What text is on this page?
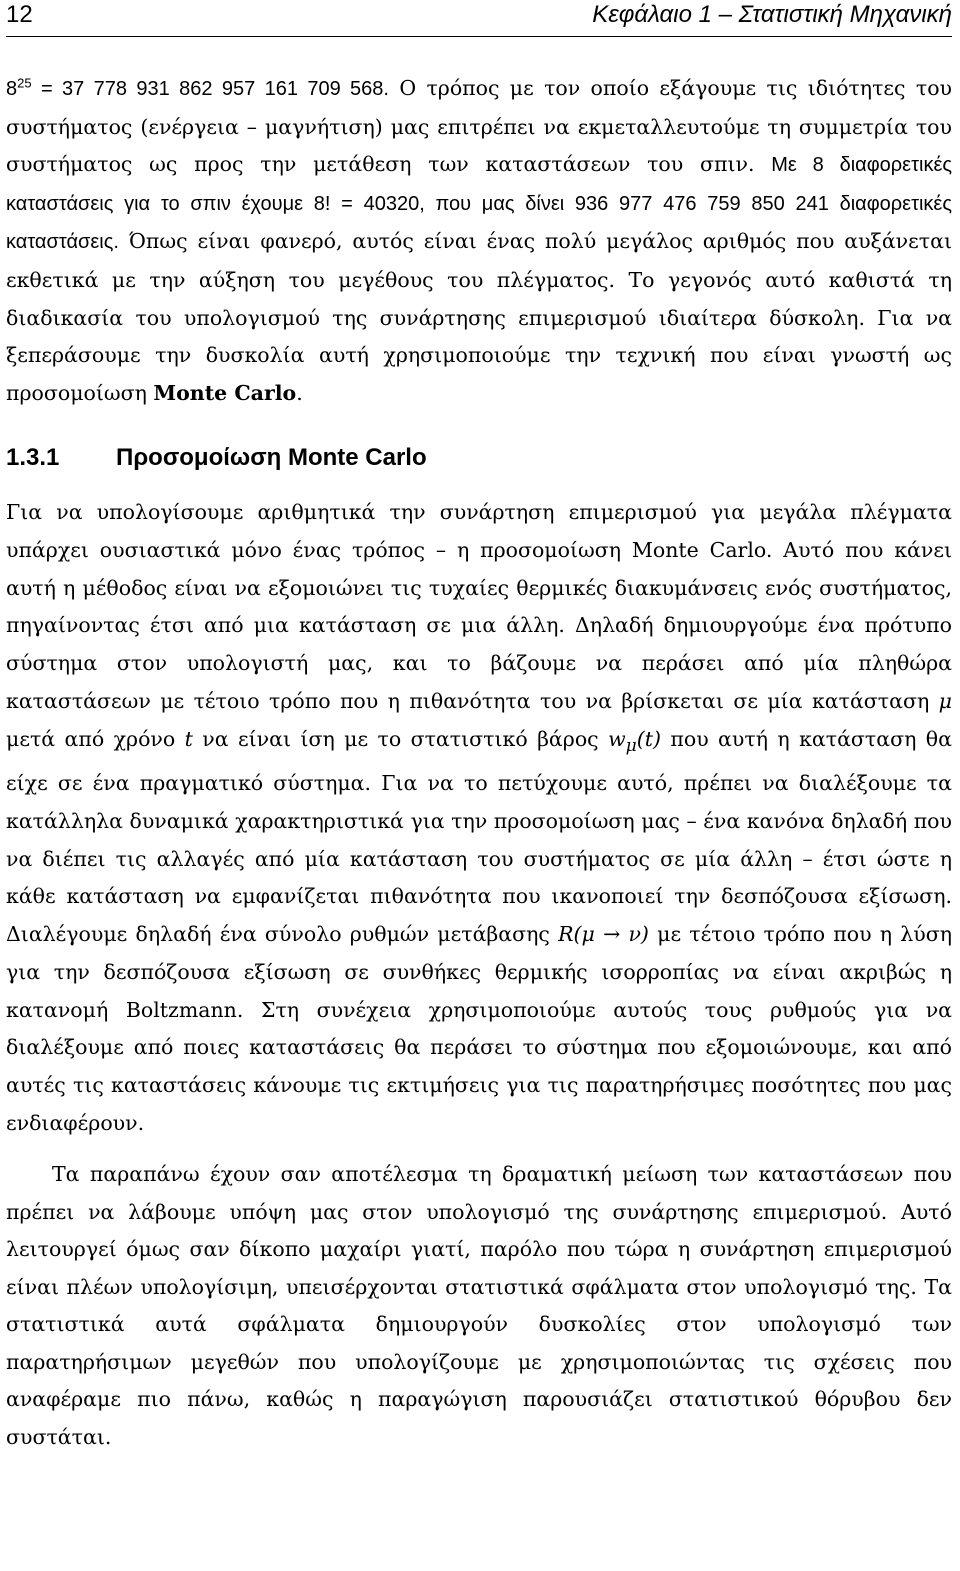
12	Κεφάλαιο 1 – Στατιστική Μηχανική

$8^{25} = 37$ 778 931 862 957 161 709 568. Ο τρόπος με τον οποίο εξάγουμε τις ιδιότητες του συστήματος (ενέργεια – μαγνήτιση) μας επιτρέπει να εκμεταλλευτούμε τη συμμετρία του συστήματος ως προς την μετάθεση των καταστάσεων του σπιν. Με 8 διαφορετικές καταστάσεις για το σπιν έχουμε 8! = 40320, που μας δίνει 936 977 476 759 850 241 διαφορετικές καταστάσεις. Όπως είναι φανερό, αυτός είναι ένας πολύ μεγάλος αριθμός που αυξάνεται εκθετικά με την αύξηση του μεγέθους του πλέγματος. Το γεγονός αυτό καθιστά τη διαδικασία του υπολογισμού της συνάρτησης επιμερισμού ιδιαίτερα δύσκολη. Για να ξεπεράσουμε την δυσκολία αυτή χρησιμοποιούμε την τεχνική που είναι γνωστή ως προσομοίωση Monte Carlo.

1.3.1	Προσομοίωση Monte Carlo

Για να υπολογίσουμε αριθμητικά την συνάρτηση επιμερισμού για μεγάλα πλέγματα υπάρχει ουσιαστικά μόνο ένας τρόπος – η προσομοίωση Monte Carlo. Αυτό που κάνει αυτή η μέθοδος είναι να εξομοιώνει τις τυχαίες θερμικές διακυμάνσεις ενός συστήματος, πηγαίνοντας έτσι από μια κατάσταση σε μια άλλη. Δηλαδή δημιουργούμε ένα πρότυπο σύστημα στον υπολογιστή μας, και το βάζουμε να περάσει από μία πληθώρα καταστάσεων με τέτοιο τρόπο που η πιθανότητα του να βρίσκεται σε μία κατάσταση μ μετά από χρόνο t να είναι ίση με το στατιστικό βάρος $w_\mu(t)$ που αυτή η κατάσταση θα είχε σε ένα πραγματικό σύστημα. Για να το πετύχουμε αυτό, πρέπει να διαλέξουμε τα κατάλληλα δυναμικά χαρακτηριστικά για την προσομοίωση μας – ένα κανόνα δηλαδή που να διέπει τις αλλαγές από μία κατάσταση του συστήματος σε μία άλλη – έτσι ώστε η κάθε κατάσταση να εμφανίζεται πιθανότητα που ικανοποιεί την δεσπόζουσα εξίσωση. Διαλέγουμε δηλαδή ένα σύνολο ρυθμών μετάβασης R(μ → ν) με τέτοιο τρόπο που η λύση για την δεσπόζουσα εξίσωση σε συνθήκες θερμικής ισορροπίας να είναι ακριβώς η κατανομή Boltzmann. Στη συνέχεια χρησιμοποιούμε αυτούς τους ρυθμούς για να διαλέξουμε από ποιες καταστάσεις θα περάσει το σύστημα που εξομοιώνουμε, και από αυτές τις καταστάσεις κάνουμε τις εκτιμήσεις για τις παρατηρήσιμες ποσότητες που μας ενδιαφέρουν.

Τα παραπάνω έχουν σαν αποτέλεσμα τη δραματική μείωση των καταστάσεων που πρέπει να λάβουμε υπόψη μας στον υπολογισμό της συνάρτησης επιμερισμού. Αυτό λειτουργεί όμως σαν δίκοπο μαχαίρι γιατί, παρόλο που τώρα η συνάρτηση επιμερισμού είναι πλέων υπολογίσιμη, υπεισέρχονται στατιστικά σφάλματα στον υπολογισμό της. Τα στατιστικά αυτά σφάλματα δημιουργούν δυσκολίες στον υπολογισμό των παρατηρήσιμων μεγεθών που υπολογίζουμε με χρησιμοποιώντας τις σχέσεις που αναφέραμε πιο πάνω, καθώς η παραγώγιση παρουσιάζει στατιστικού θόρυβου δεν συστάται.
